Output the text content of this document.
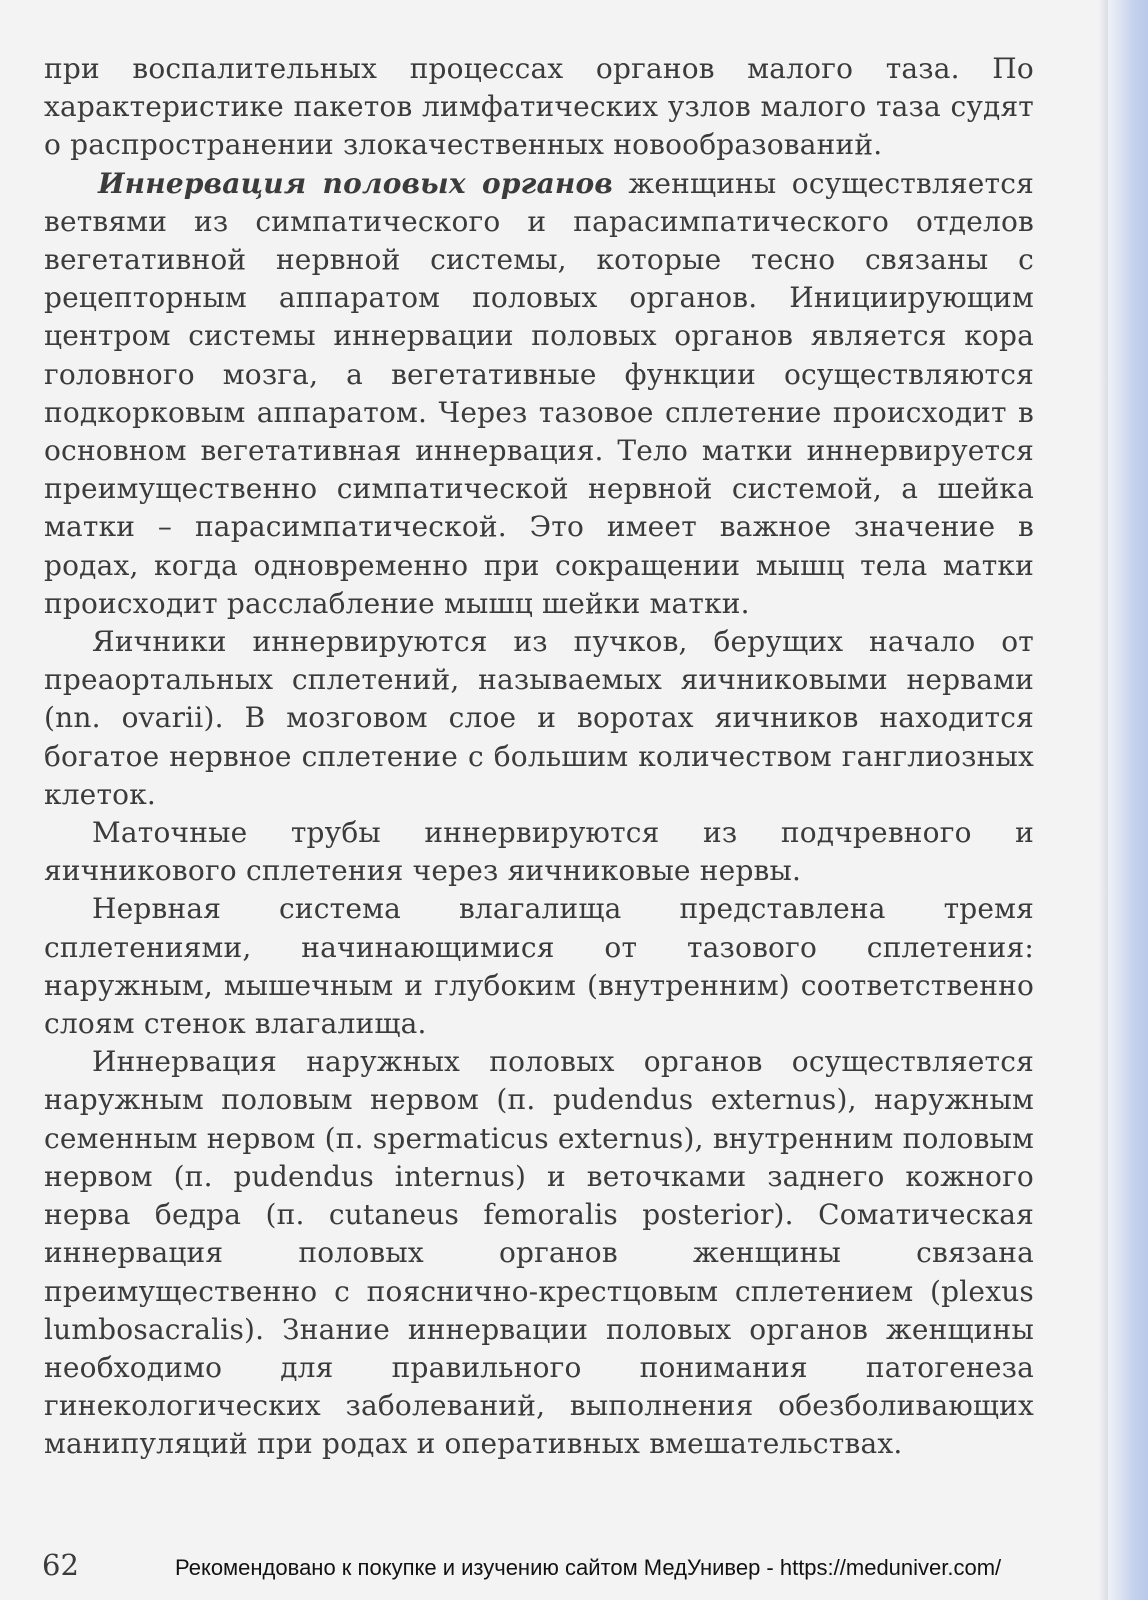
при воспалительных процессах органов малого таза. По характеристике пакетов лимфатических узлов малого таза судят о распространении злокачественных новообразований.

Иннервация половых органов женщины осуществляется ветвями из симпатического и парасимпатического отделов вегетативной нервной системы, которые тесно связаны с рецепторным аппаратом половых органов. Инициирующим центром системы иннервации половых органов является кора головного мозга, а вегетативные функции осуществляются подкорковым аппаратом. Через тазовое сплетение происходит в основном вегетативная иннервация. Тело матки иннервируется преимущественно симпатической нервной системой, а шейка матки – парасимпатической. Это имеет важное значение в родах, когда одновременно при сокращении мышц тела матки происходит расслабление мышц шейки матки.

Яичники иннервируются из пучков, берущих начало от преаортальных сплетений, называемых яичниковыми нервами (nn. ovarii). В мозговом слое и воротах яичников находится богатое нервное сплетение с большим количеством ганглиозных клеток.

Маточные трубы иннервируются из подчревного и яичникового сплетения через яичниковые нервы.

Нервная система влагалища представлена тремя сплетениями, начинающимися от тазового сплетения: наружным, мышечным и глубоким (внутренним) соответственно слоям стенок влагалища.

Иннервация наружных половых органов осуществляется наружным половым нервом (п. pudendus externus), наружным семенным нервом (п. spermaticus externus), внутренним половым нервом (п. pudendus internus) и веточками заднего кожного нерва бедра (п. cutaneus femoralis posterior). Соматическая иннервация половых органов женщины связана преимущественно с пояснично-крестцовым сплетением (plexus lumbosacralis). Знание иннервации половых органов женщины необходимо для правильного понимания патогенеза гинекологических заболеваний, выполнения обезболивающих манипуляций при родах и оперативных вмешательствах.

62	Рекомендовано к покупке и изучению сайтом МедУнивер - https://meduniver.com/
